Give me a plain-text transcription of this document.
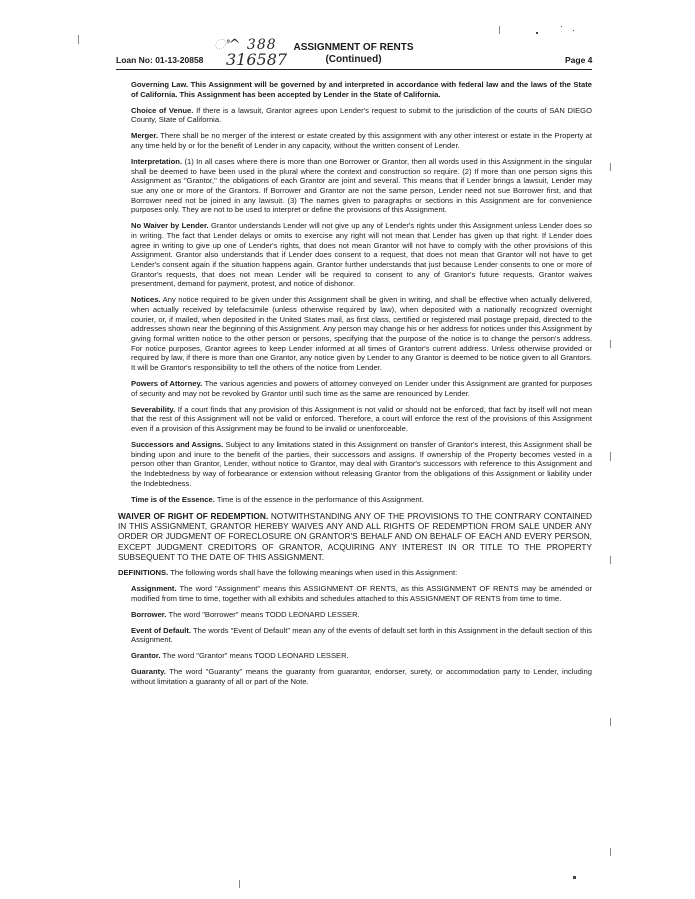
ಿ^ 388
316587
Loan No: 01-13-20858
ASSIGNMENT OF RENTS
(Continued)	Page 4

Governing Law. This Assignment will be governed by and interpreted in accordance with federal law and the laws of the State of California. This Assignment has been accepted by Lender in the State of California.

Choice of Venue. If there is a lawsuit, Grantor agrees upon Lender's request to submit to the jurisdiction of the courts of SAN DIEGO County, State of California.

Merger. There shall be no merger of the interest or estate created by this assignment with any other interest or estate in the Property at any time held by or for the benefit of Lender in any capacity, without the written consent of Lender.

Interpretation. (1) In all cases where there is more than one Borrower or Grantor, then all words used in this Assignment in the singular shall be deemed to have been used in the plural where the context and construction so require. (2) If more than one person signs this Assignment as "Grantor," the obligations of each Grantor are joint and several. This means that if Lender brings a lawsuit, Lender may sue any one or more of the Grantors. If Borrower and Grantor are not the same person, Lender need not sue Borrower first, and that Borrower need not be joined in any lawsuit. (3) The names given to paragraphs or sections in this Assignment are for convenience purposes only. They are not to be used to interpret or define the provisions of this Assignment.

No Waiver by Lender. Grantor understands Lender will not give up any of Lender's rights under this Assignment unless Lender does so in writing. The fact that Lender delays or omits to exercise any right will not mean that Lender has given up that right. If Lender does agree in writing to give up one of Lender's rights, that does not mean Grantor will not have to comply with the other provisions of this Assignment. Grantor also understands that if Lender does consent to a request, that does not mean that Grantor will not have to get Lender's consent again if the situation happens again. Grantor further understands that just because Lender consents to one or more of Grantor's requests, that does not mean Lender will be required to consent to any of Grantor's future requests. Grantor waives presentment, demand for payment, protest, and notice of dishonor.

Notices. Any notice required to be given under this Assignment shall be given in writing, and shall be effective when actually delivered, when actually received by telefacsimile (unless otherwise required by law), when deposited with a nationally recognized overnight courier, or, if mailed, when deposited in the United States mail, as first class, certified or registered mail postage prepaid, directed to the addresses shown near the beginning of this Assignment. Any person may change his or her address for notices under this Assignment by giving formal written notice to the other person or persons, specifying that the purpose of the notice is to change the person's address. For notice purposes, Grantor agrees to keep Lender informed at all times of Grantor's current address. Unless otherwise provided or required by law, if there is more than one Grantor, any notice given by Lender to any Grantor is deemed to be notice given to all Grantors. It will be Grantor's responsibility to tell the others of the notice from Lender.

Powers of Attorney. The various agencies and powers of attorney conveyed on Lender under this Assignment are granted for purposes of security and may not be revoked by Grantor until such time as the same are renounced by Lender.

Severability. If a court finds that any provision of this Assignment is not valid or should not be enforced, that fact by itself will not mean that the rest of this Assignment will not be valid or enforced. Therefore, a court will enforce the rest of the provisions of this Assignment even if a provision of this Assignment may be found to be invalid or unenforceable.

Successors and Assigns. Subject to any limitations stated in this Assignment on transfer of Grantor's interest, this Assignment shall be binding upon and inure to the benefit of the parties, their successors and assigns. If ownership of the Property becomes vested in a person other than Grantor, Lender, without notice to Grantor, may deal with Grantor's successors with reference to this Assignment and the Indebtedness by way of forbearance or extension without releasing Grantor from the obligations of this Assignment or liability under the Indebtedness.

Time is of the Essence. Time is of the essence in the performance of this Assignment.

WAIVER OF RIGHT OF REDEMPTION. NOTWITHSTANDING ANY OF THE PROVISIONS TO THE CONTRARY CONTAINED IN THIS ASSIGNMENT, GRANTOR HEREBY WAIVES ANY AND ALL RIGHTS OF REDEMPTION FROM SALE UNDER ANY ORDER OR JUDGMENT OF FORECLOSURE ON GRANTOR'S BEHALF AND ON BEHALF OF EACH AND EVERY PERSON, EXCEPT JUDGMENT CREDITORS OF GRANTOR, ACQUIRING ANY INTEREST IN OR TITLE TO THE PROPERTY SUBSEQUENT TO THE DATE OF THIS ASSIGNMENT.

DEFINITIONS. The following words shall have the following meanings when used in this Assignment:

Assignment. The word "Assignment" means this ASSIGNMENT OF RENTS, as this ASSIGNMENT OF RENTS may be amended or modified from time to time, together with all exhibits and schedules attached to this ASSIGNMENT OF RENTS from time to time.

Borrower. The word "Borrower" means TODD LEONARD LESSER.

Event of Default. The words "Event of Default" mean any of the events of default set forth in this Assignment in the default section of this Assignment.

Grantor. The word "Grantor" means TODD LEONARD LESSER.

Guaranty. The word "Guaranty" means the guaranty from guarantor, endorser, surety, or accommodation party to Lender, including without limitation a guaranty of all or part of the Note.
